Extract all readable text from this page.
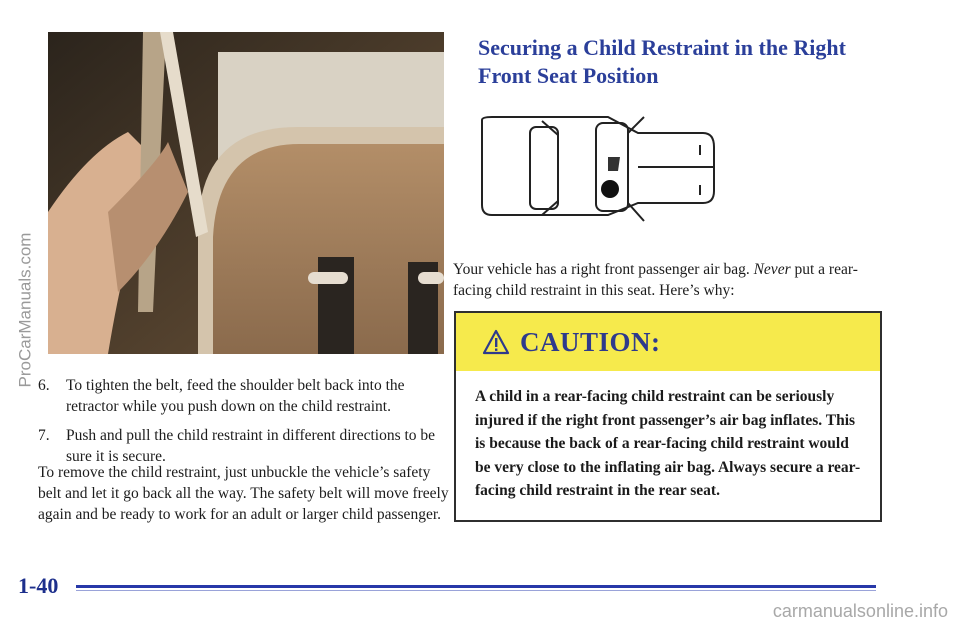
ProCarManuals.com 6.	To tighten the belt, feed the shoulder belt back into the retractor while you push down on the child restraint.
7.	Push and pull the child restraint in different directions to be sure it is secure.
To remove the child restraint, just unbuckle the vehicle’s safety belt and let it go back all the way. The safety belt will move freely again and be ready to work for an adult or larger child passenger.
Securing a Child Restraint in the Right Front Seat Position
Your vehicle has a right front passenger air bag. Never put a rear-facing child restraint in this seat. Here’s why:
CAUTION:
A child in a rear-facing child restraint can be seriously injured if the right front passenger’s air bag inflates. This is because the back of a rear-facing child restraint would be very close to the inflating air bag. Always secure a rear-facing child restraint in the rear seat.
1-40
carmanualsonline.info
